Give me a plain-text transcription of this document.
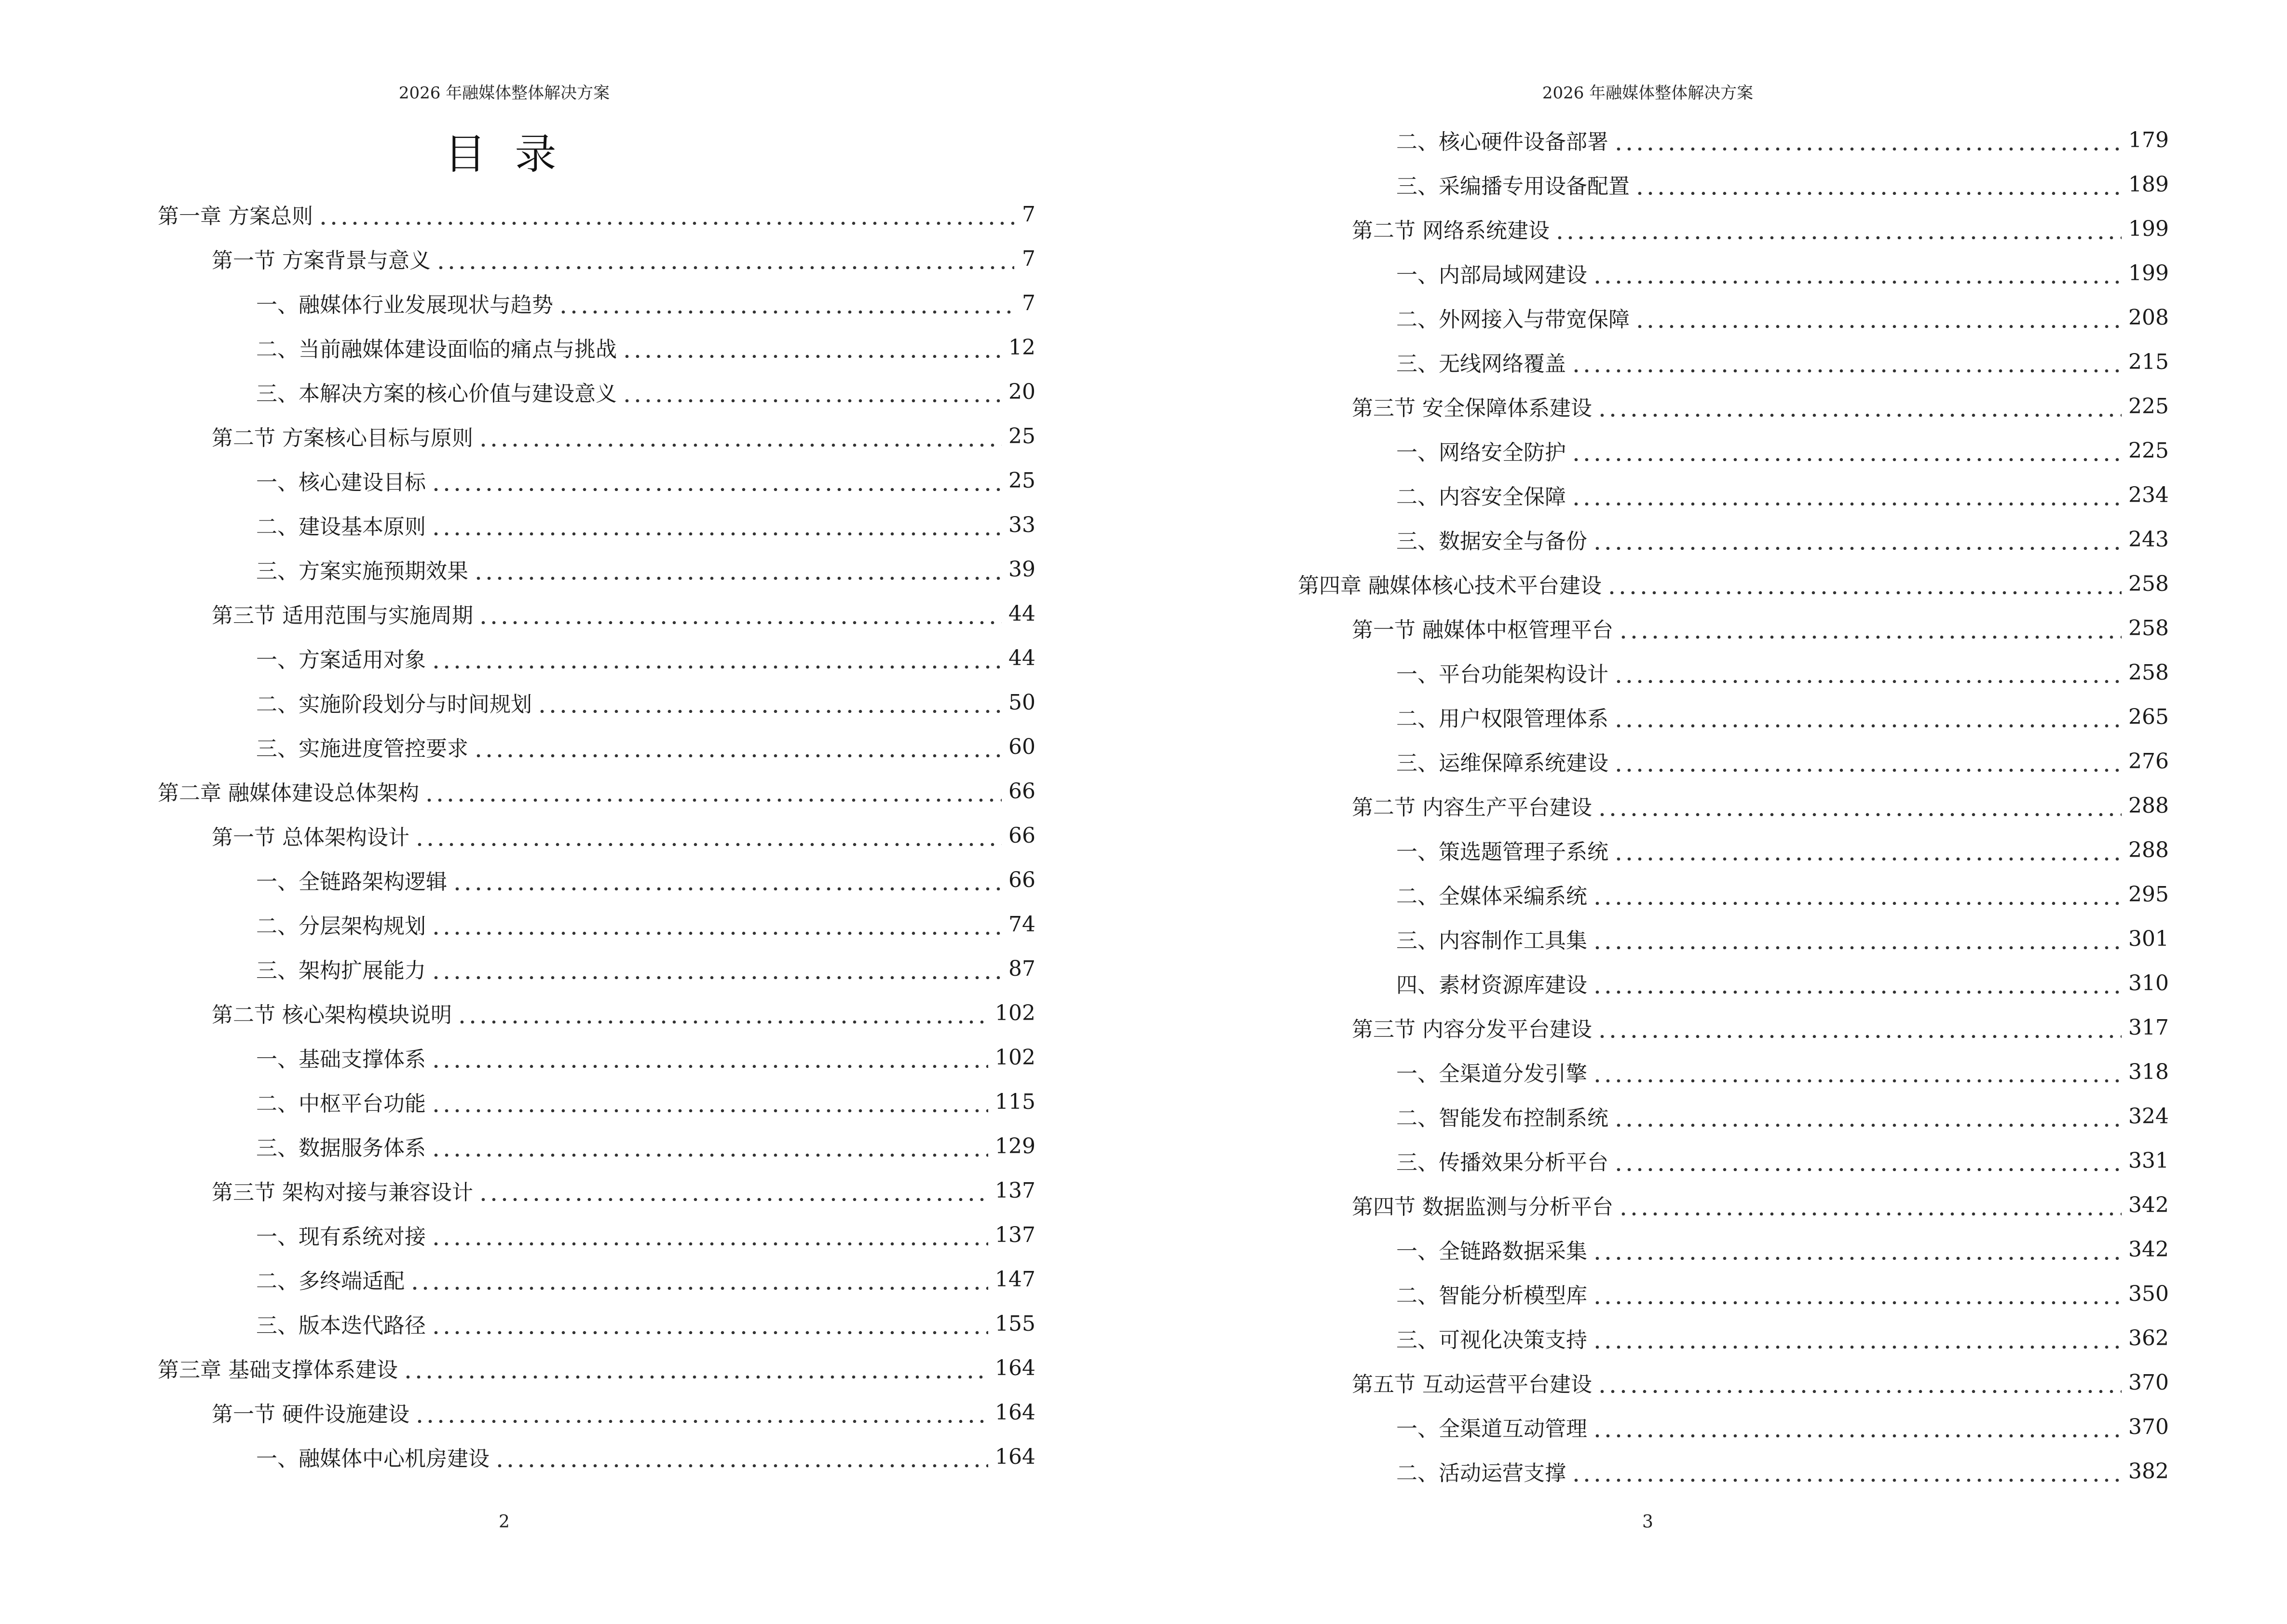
2026 年融媒体整体解决方案
目录
第一章 方案总则	7
第一节 方案背景与意义	7
一、融媒体行业发展现状与趋势	7
二、当前融媒体建设面临的痛点与挑战	12
三、本解决方案的核心价值与建设意义	20
第二节 方案核心目标与原则	25
一、核心建设目标	25
二、建设基本原则	33
三、方案实施预期效果	39
第三节 适用范围与实施周期	44
一、方案适用对象	44
二、实施阶段划分与时间规划	50
三、实施进度管控要求	60
第二章 融媒体建设总体架构	66
第一节 总体架构设计	66
一、全链路架构逻辑	66
二、分层架构规划	74
三、架构扩展能力	87
第二节 核心架构模块说明	102
一、基础支撑体系	102
二、中枢平台功能	115
三、数据服务体系	129
第三节 架构对接与兼容设计	137
一、现有系统对接	137
二、多终端适配	147
三、版本迭代路径	155
第三章 基础支撑体系建设	164
第一节 硬件设施建设	164
一、融媒体中心机房建设	164
2
2026 年融媒体整体解决方案
二、核心硬件设备部署	179
三、采编播专用设备配置	189
第二节 网络系统建设	199
一、内部局域网建设	199
二、外网接入与带宽保障	208
三、无线网络覆盖	215
第三节 安全保障体系建设	225
一、网络安全防护	225
二、内容安全保障	234
三、数据安全与备份	243
第四章 融媒体核心技术平台建设	258
第一节 融媒体中枢管理平台	258
一、平台功能架构设计	258
二、用户权限管理体系	265
三、运维保障系统建设	276
第二节 内容生产平台建设	288
一、策选题管理子系统	288
二、全媒体采编系统	295
三、内容制作工具集	301
四、素材资源库建设	310
第三节 内容分发平台建设	317
一、全渠道分发引擎	318
二、智能发布控制系统	324
三、传播效果分析平台	331
第四节 数据监测与分析平台	342
一、全链路数据采集	342
二、智能分析模型库	350
三、可视化决策支持	362
第五节 互动运营平台建设	370
一、全渠道互动管理	370
二、活动运营支撑	382
3
